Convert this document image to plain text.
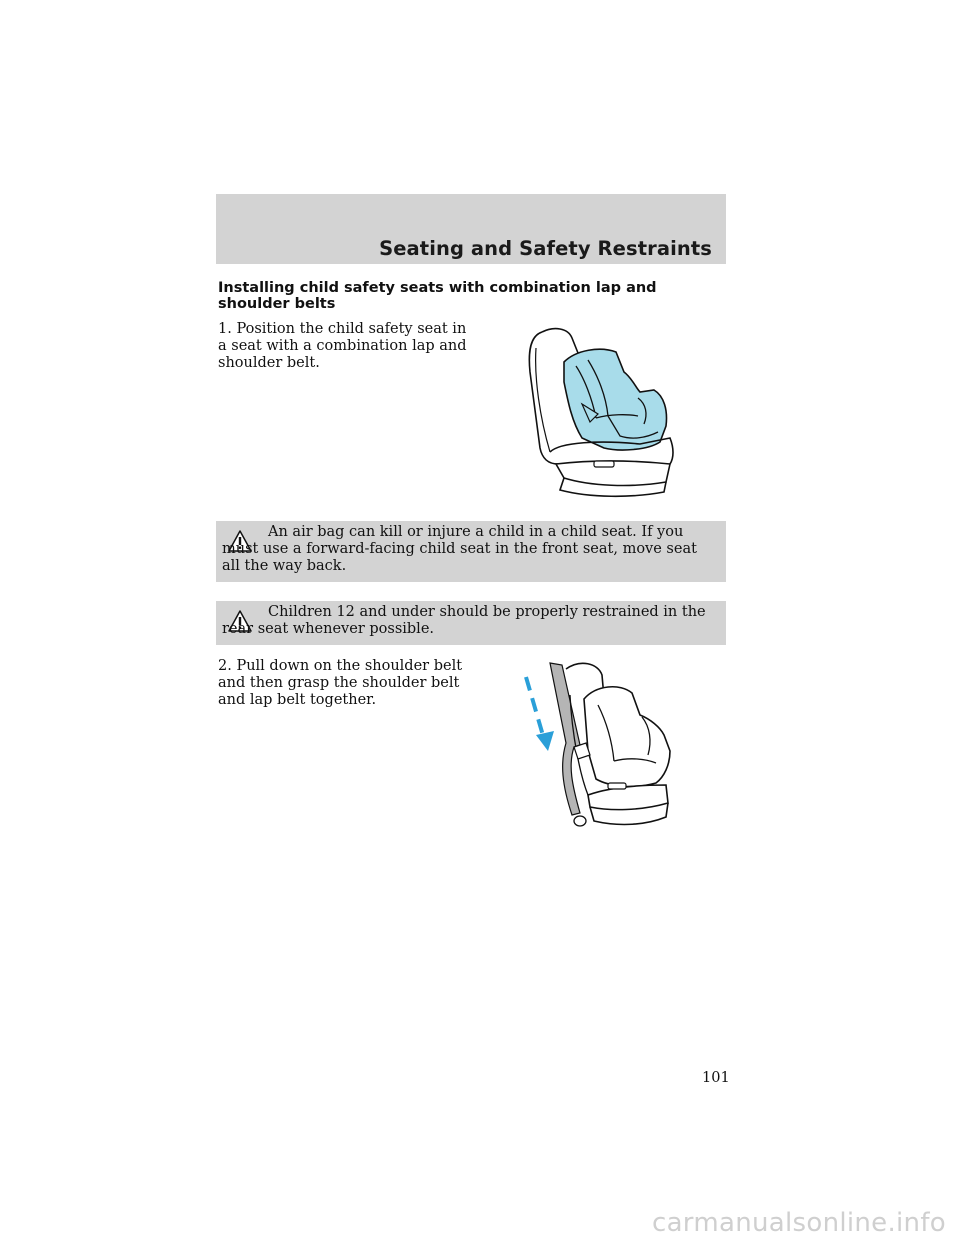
Seating and Safety Restraints
Installing child safety seats with combination lap and shoulder belts
1. Position the child safety seat in a seat with a combination lap and shoulder belt.
An air bag can kill or injure a child in a child seat. If you must use a forward-facing child seat in the front seat, move seat all the way back.
Children 12 and under should be properly restrained in the rear seat whenever possible.
2. Pull down on the shoulder belt and then grasp the shoulder belt and lap belt together.
101
carmanualsonline.info
